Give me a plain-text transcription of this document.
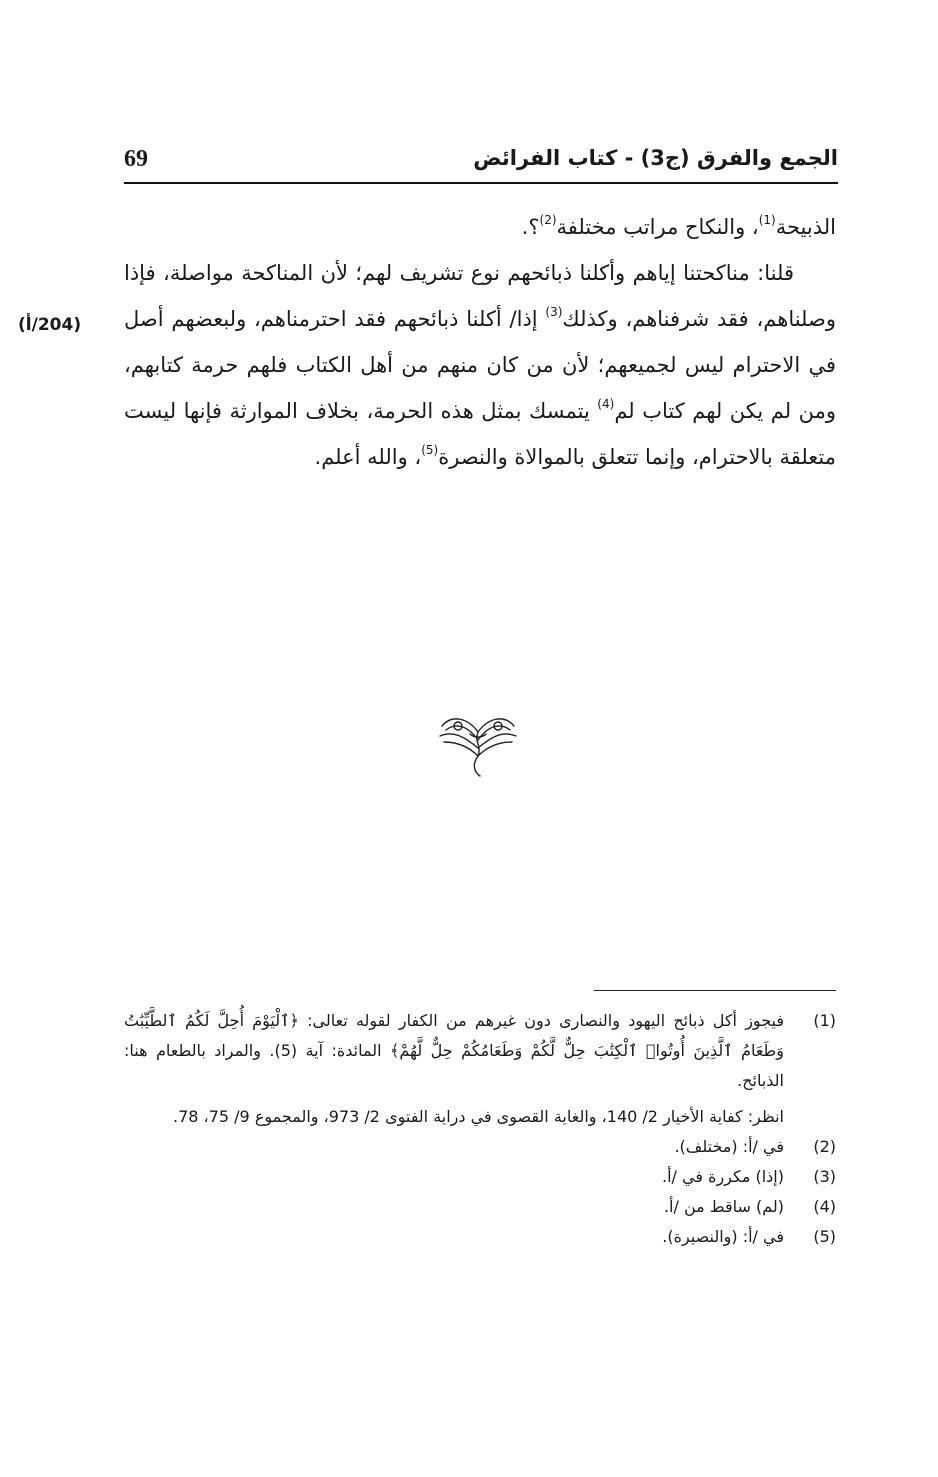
69	الجمع والفرق (ج3) - كتاب الفرائض

الذبيحة$^{(1)}$، والنكاح مراتب مختلفة$^{(2)}$؟.

قلنا: مناكحتنا إياهم وأكلنا ذبائحهم نوع تشريف لهم؛ لأن المناكحة مواصلة، فإذا وصلناهم، فقد شرفناهم، وكذلك$^{(3)}$ إذا/ أكلنا ذبائحهم فقد احترمناهم، ولبعضهم أصل في الاحترام ليس لجميعهم؛ لأن من كان منهم من أهل الكتاب فلهم حرمة كتابهم، ومن لم يكن لهم كتاب لم$^{(4)}$ يتمسك بمثل هذه الحرمة، بخلاف الموارثة فإنها ليست متعلقة بالاحترام، وإنما تتعلق بالموالاة والنصرة$^{(5)}$، والله أعلم.

(204/أ)
(1)

فيجوز أكل ذبائح اليهود والنصارى دون غيرهم من الكفار لقوله تعالى: ﴿ٱلْيَوْمَ أُحِلَّ لَكُمُ ٱلطَّيِّبَٰتُ وَطَعَامُ ٱلَّذِينَ أُوتُوا۟ ٱلْكِتَٰبَ حِلٌّ لَّكُمْ وَطَعَامُكُمْ حِلٌّ لَّهُمْ﴾ المائدة: آية (5). والمراد بالطعام هنا: الذبائح.

انظر: كفاية الأخيار 2/ 140، والغاية القصوى في دراية الفتوى 2/ 973، والمجموع 9/ 75، 78.

(2)

في /أ: (مختلف).

(3)

(إذا) مكررة في /أ.

(4)

(لم) ساقط من /أ.

(5)

في /أ: (والنصيرة).
